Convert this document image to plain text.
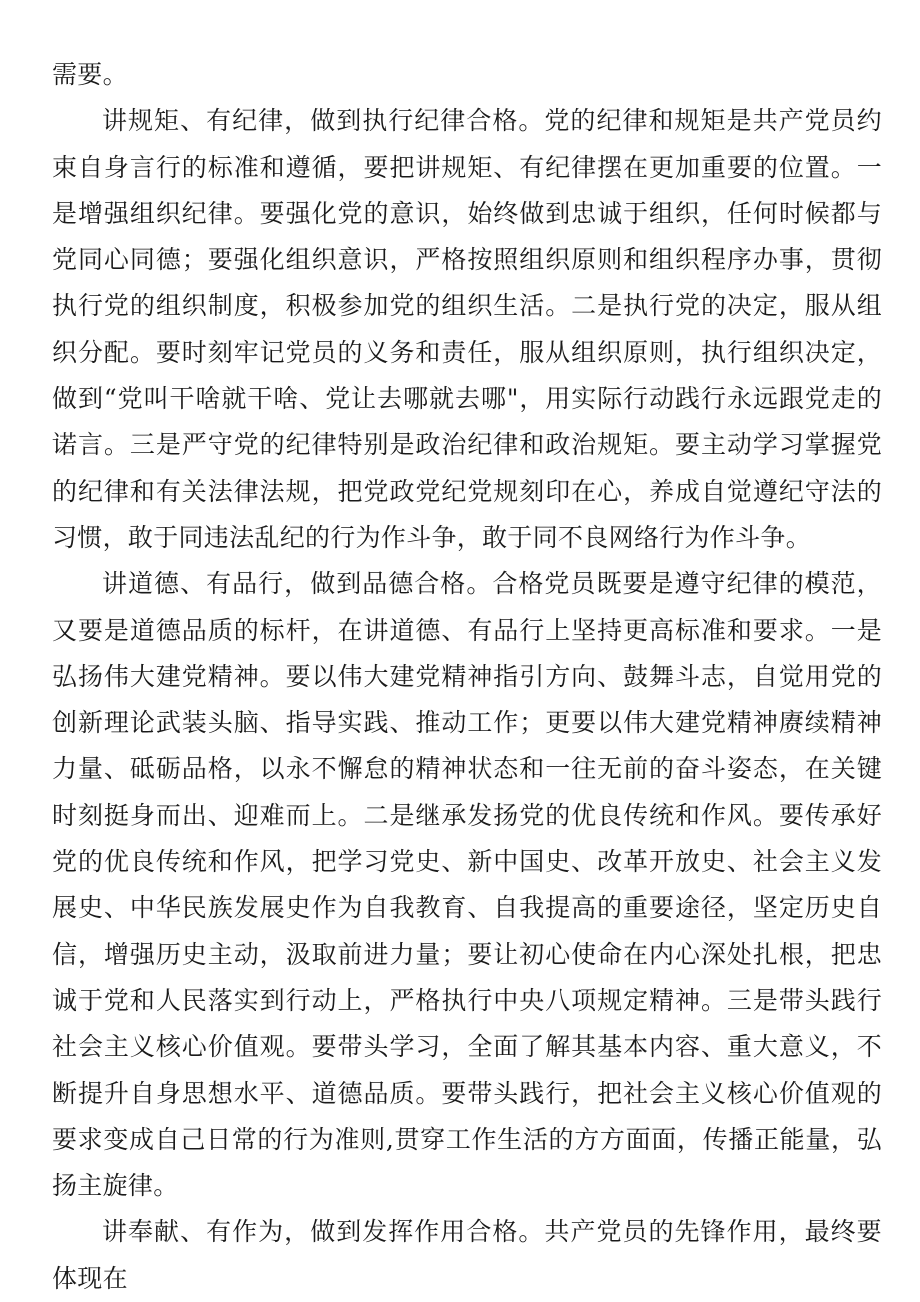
需要。

讲规矩、有纪律，做到执行纪律合格。党的纪律和规矩是共产党员约束自身言行的标准和遵循，要把讲规矩、有纪律摆在更加重要的位置。一是增强组织纪律。要强化党的意识，始终做到忠诚于组织，任何时候都与党同心同德；要强化组织意识，严格按照组织原则和组织程序办事，贯彻执行党的组织制度，积极参加党的组织生活。二是执行党的决定，服从组织分配。要时刻牢记党员的义务和责任，服从组织原则，执行组织决定，做到“党叫干啥就干啥、党让去哪就去哪"，用实际行动践行永远跟党走的诺言。三是严守党的纪律特别是政治纪律和政治规矩。要主动学习掌握党的纪律和有关法律法规，把党政党纪党规刻印在心，养成自觉遵纪守法的习惯，敢于同违法乱纪的行为作斗争，敢于同不良网络行为作斗争。

讲道德、有品行，做到品德合格。合格党员既要是遵守纪律的模范，又要是道德品质的标杆，在讲道德、有品行上坚持更高标准和要求。一是弘扬伟大建党精神。要以伟大建党精神指引方向、鼓舞斗志，自觉用党的创新理论武装头脑、指导实践、推动工作；更要以伟大建党精神赓续精神力量、砥砺品格，以永不懈怠的精神状态和一往无前的奋斗姿态，在关键时刻挺身而出、迎难而上。二是继承发扬党的优良传统和作风。要传承好党的优良传统和作风，把学习党史、新中国史、改革开放史、社会主义发展史、中华民族发展史作为自我教育、自我提高的重要途径，坚定历史自信，增强历史主动，汲取前进力量；要让初心使命在内心深处扎根，把忠诚于党和人民落实到行动上，严格执行中央八项规定精神。三是带头践行社会主义核心价值观。要带头学习，全面了解其基本内容、重大意义，不断提升自身思想水平、道德品质。要带头践行，把社会主义核心价值观的要求变成自己日常的行为准则,贯穿工作生活的方方面面，传播正能量，弘扬主旋律。

讲奉献、有作为，做到发挥作用合格。共产党员的先锋作用，最终要体现在
